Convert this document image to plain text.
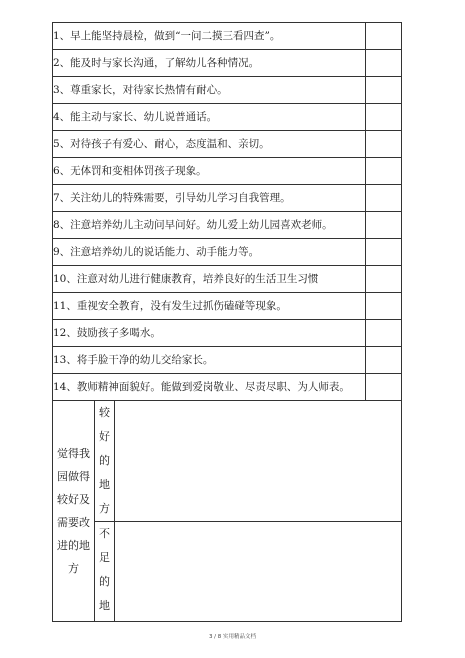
1、早上能坚持晨检，做到“一问二摸三看四查”。			
2、能及时与家长沟通，了解幼儿各种情况。			
3、尊重家长，对待家长热情有耐心。			
4、能主动与家长、幼儿说普通话。			
5、对待孩子有爱心、耐心，态度温和、亲切。			
6、无体罚和变相体罚孩子现象。			
7、关注幼儿的特殊需要，引导幼儿学习自我管理。			
8、注意培养幼儿主动问早问好。幼儿爱上幼儿园喜欢老师。			
9、注意培养幼儿的说话能力、动手能力等。			
10、注意对幼儿进行健康教育，培养良好的生活卫生习惯			
11、重视安全教育，没有发生过抓伤磕碰等现象。			
12、鼓励孩子多喝水。			
13、将手脸干净的幼儿交给家长。			
14、教师精神面貌好。能做到爱岗敬业、尽责尽职、为人师表。			
觉得我园做得较好及需要改进的地方	较好的地方		
	不足的地		
3 / 8 实用精品文档
